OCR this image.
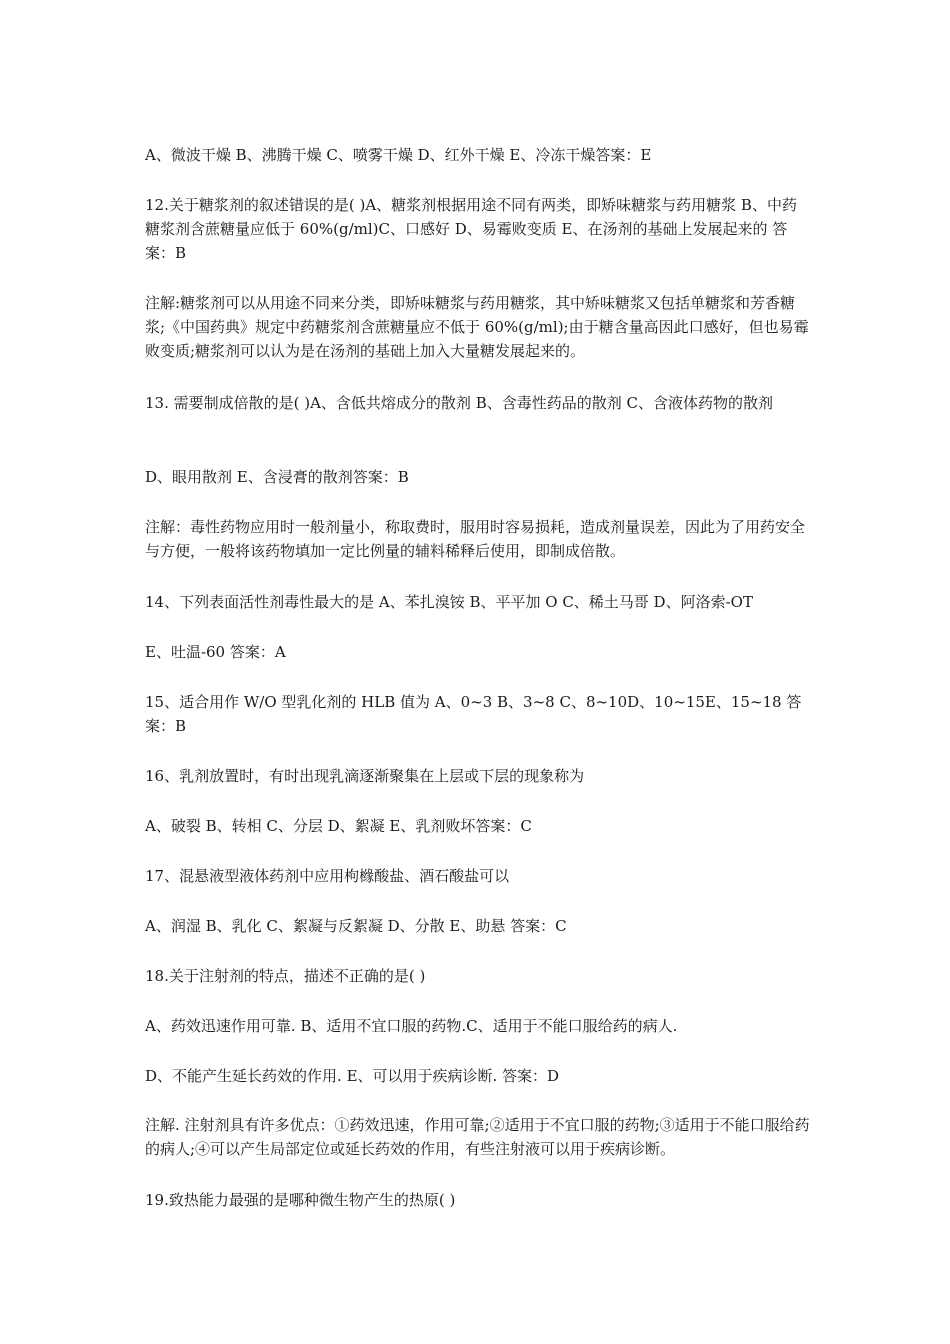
A、微波干燥 B、沸腾干燥 C、喷雾干燥 D、红外干燥 E、冷冻干燥答案：E

12.关于糖浆剂的叙述错误的是( )A、糖浆剂根据用途不同有两类，即矫味糖浆与药用糖浆 B、中药糖浆剂含蔗糖量应低于 60%(g/ml)C、口感好 D、易霉败变质 E、在汤剂的基础上发展起来的 答案：B

注解:糖浆剂可以从用途不同来分类，即矫味糖浆与药用糖浆，其中矫味糖浆又包括单糖浆和芳香糖浆;《中国药典》规定中药糖浆剂含蔗糖量应不低于 60%(g/ml);由于糖含量高因此口感好，但也易霉败变质;糖浆剂可以认为是在汤剂的基础上加入大量糖发展起来的。

13. 需要制成倍散的是( )A、含低共熔成分的散剂 B、含毒性药品的散剂 C、含液体药物的散剂

D、眼用散剂 E、含浸膏的散剂答案：B

注解：毒性药物应用时一般剂量小，称取费时，服用时容易损耗，造成剂量误差，因此为了用药安全与方便，一般将该药物填加一定比例量的辅料稀释后使用，即制成倍散。

14、下列表面活性剂毒性最大的是 A、苯扎溴铵 B、平平加 O C、稀土马哥 D、阿洛索-OT

E、吐温-60 答案：A

15、适合用作 W/O 型乳化剂的 HLB 值为 A、0~3 B、3~8 C、8~10D、10~15E、15~18 答案：B

16、乳剂放置时，有时出现乳滴逐渐聚集在上层或下层的现象称为

A、破裂 B、转相 C、分层 D、絮凝 E、乳剂败坏答案：C

17、混悬液型液体药剂中应用枸橼酸盐、酒石酸盐可以

A、润湿 B、乳化 C、絮凝与反絮凝 D、分散 E、助悬 答案：C

18.关于注射剂的特点，描述不正确的是( )

A、药效迅速作用可靠. B、适用不宜口服的药物.C、适用于不能口服给药的病人.

D、不能产生延长药效的作用. E、可以用于疾病诊断. 答案：D

注解. 注射剂具有许多优点：①药效迅速，作用可靠;②适用于不宜口服的药物;③适用于不能口服给药的病人;④可以产生局部定位或延长药效的作用，有些注射液可以用于疾病诊断。

19.致热能力最强的是哪种微生物产生的热原( )
